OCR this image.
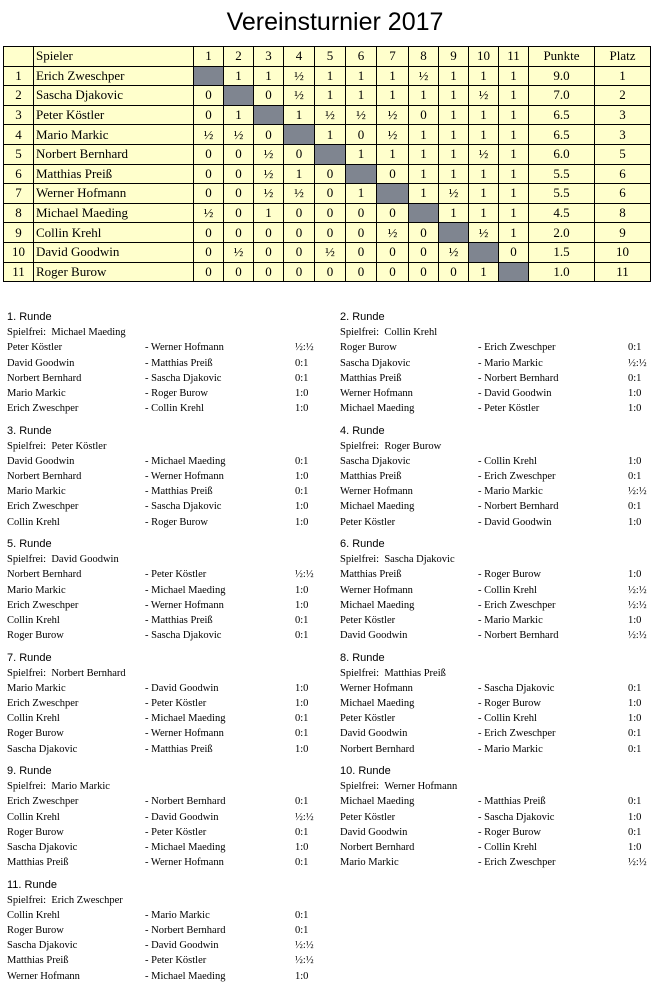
Vereinsturnier 2017
	Spieler	1	2	3	4	5	6	7	8	9	10	11	Punkte	Platz
1	Erich Zweschper		1	1	½	1	1	1	½	1	1	1	9.0	1
2	Sascha Djakovic	0		0	½	1	1	1	1	1	½	1	7.0	2
3	Peter Köstler	0	1		1	½	½	½	0	1	1	1	6.5	3
4	Mario Markic	½	½	0		1	0	½	1	1	1	1	6.5	3
5	Norbert Bernhard	0	0	½	0		1	1	1	1	½	1	6.0	5
6	Matthias Preiß	0	0	½	1	0		0	1	1	1	1	5.5	6
7	Werner Hofmann	0	0	½	½	0	1		1	½	1	1	5.5	6
8	Michael Maeding	½	0	1	0	0	0	0		1	1	1	4.5	8
9	Collin Krehl	0	0	0	0	0	0	½	0		½	1	2.0	9
10	David Goodwin	0	½	0	0	½	0	0	0	½		0	1.5	10
11	Roger Burow	0	0	0	0	0	0	0	0	0	1		1.0	11
1. Runde
Spielfrei: Michael Maeding
Peter Köstler	- Werner Hofmann	½:½
David Goodwin	- Matthias Preiß	0:1
Norbert Bernhard	- Sascha Djakovic	0:1
Mario Markic	- Roger Burow	1:0
Erich Zweschper	- Collin Krehl	1:0
2. Runde
Spielfrei: Collin Krehl
Roger Burow	- Erich Zweschper	0:1
Sascha Djakovic	- Mario Markic	½:½
Matthias Preiß	- Norbert Bernhard	0:1
Werner Hofmann	- David Goodwin	1:0
Michael Maeding	- Peter Köstler	1:0
3. Runde
Spielfrei: Peter Köstler
David Goodwin	- Michael Maeding	0:1
Norbert Bernhard	- Werner Hofmann	1:0
Mario Markic	- Matthias Preiß	0:1
Erich Zweschper	- Sascha Djakovic	1:0
Collin Krehl	- Roger Burow	1:0
4. Runde
Spielfrei: Roger Burow
Sascha Djakovic	- Collin Krehl	1:0
Matthias Preiß	- Erich Zweschper	0:1
Werner Hofmann	- Mario Markic	½:½
Michael Maeding	- Norbert Bernhard	0:1
Peter Köstler	- David Goodwin	1:0
5. Runde
Spielfrei: David Goodwin
Norbert Bernhard	- Peter Köstler	½:½
Mario Markic	- Michael Maeding	1:0
Erich Zweschper	- Werner Hofmann	1:0
Collin Krehl	- Matthias Preiß	0:1
Roger Burow	- Sascha Djakovic	0:1
6. Runde
Spielfrei: Sascha Djakovic
Matthias Preiß	- Roger Burow	1:0
Werner Hofmann	- Collin Krehl	½:½
Michael Maeding	- Erich Zweschper	½:½
Peter Köstler	- Mario Markic	1:0
David Goodwin	- Norbert Bernhard	½:½
7. Runde
Spielfrei: Norbert Bernhard
Mario Markic	- David Goodwin	1:0
Erich Zweschper	- Peter Köstler	1:0
Collin Krehl	- Michael Maeding	0:1
Roger Burow	- Werner Hofmann	0:1
Sascha Djakovic	- Matthias Preiß	1:0
8. Runde
Spielfrei: Matthias Preiß
Werner Hofmann	- Sascha Djakovic	0:1
Michael Maeding	- Roger Burow	1:0
Peter Köstler	- Collin Krehl	1:0
David Goodwin	- Erich Zweschper	0:1
Norbert Bernhard	- Mario Markic	0:1
9. Runde
Spielfrei: Mario Markic
Erich Zweschper	- Norbert Bernhard	0:1
Collin Krehl	- David Goodwin	½:½
Roger Burow	- Peter Köstler	0:1
Sascha Djakovic	- Michael Maeding	1:0
Matthias Preiß	- Werner Hofmann	0:1
10. Runde
Spielfrei: Werner Hofmann
Michael Maeding	- Matthias Preiß	0:1
Peter Köstler	- Sascha Djakovic	1:0
David Goodwin	- Roger Burow	0:1
Norbert Bernhard	- Collin Krehl	1:0
Mario Markic	- Erich Zweschper	½:½
11. Runde
Spielfrei: Erich Zweschper
Collin Krehl	- Mario Markic	0:1
Roger Burow	- Norbert Bernhard	0:1
Sascha Djakovic	- David Goodwin	½:½
Matthias Preiß	- Peter Köstler	½:½
Werner Hofmann	- Michael Maeding	1:0
